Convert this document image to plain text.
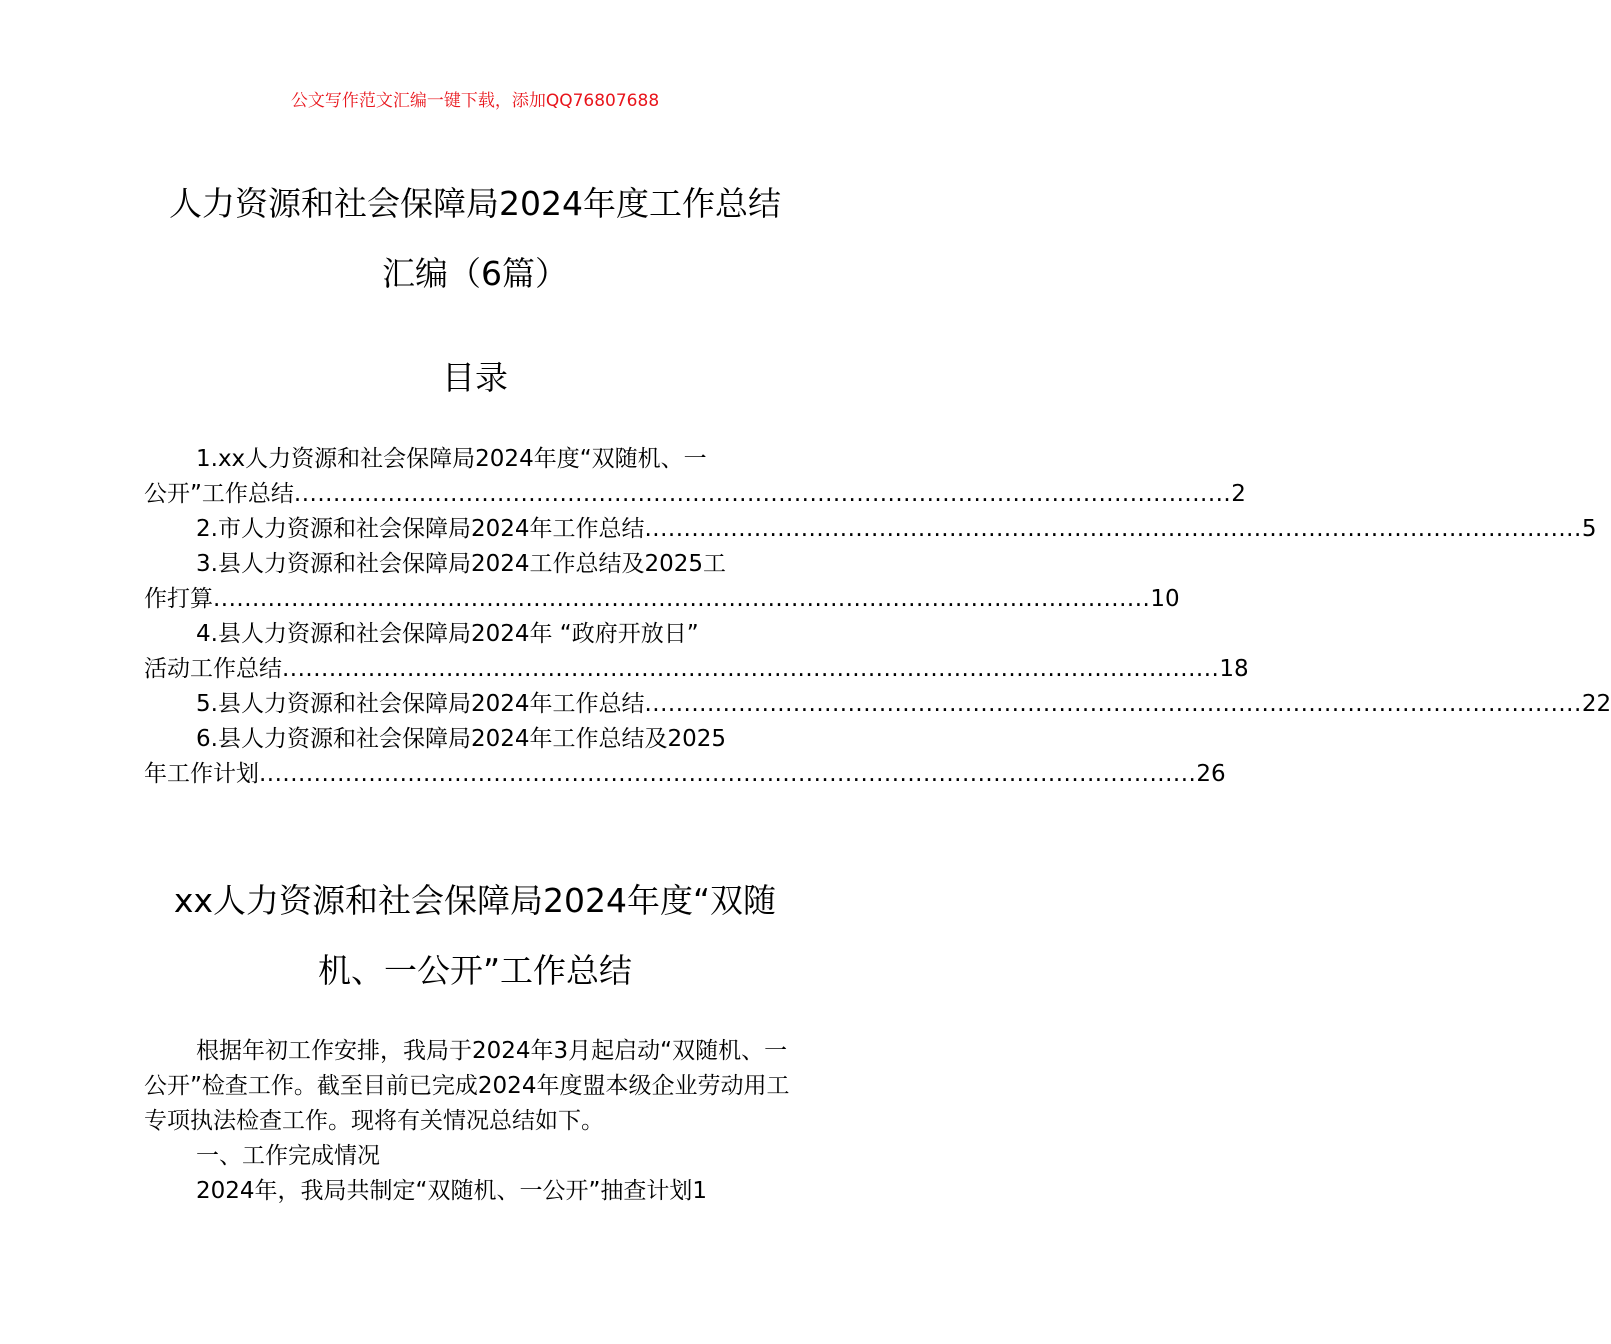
公文写作范文汇编一键下载，添加QQ76807688
人力资源和社会保障局2024年度工作总结
汇编（6篇）
目录
1.xx人力资源和社会保障局2024年度“双随机、一
公开”工作总结 ........................................................................................................................ 2
2.市人力资源和社会保障局2024年工作总结 ........................................................................................................................ 5
3.县人力资源和社会保障局2024工作总结及2025工
作打算 ........................................................................................................................ 10
4.县人力资源和社会保障局2024年 “政府开放日”
活动工作总结 ........................................................................................................................ 18
5.县人力资源和社会保障局2024年工作总结 ........................................................................................................................ 22
6.县人力资源和社会保障局2024年工作总结及2025
年工作计划 ........................................................................................................................ 26
xx人力资源和社会保障局2024年度“双随
机、一公开”工作总结

根据年初工作安排，我局于2024年3月起启动“双随机、一公开”检查工作。截至目前已完成2024年度盟本级企业劳动用工专项执法检查工作。现将有关情况总结如下。

一、工作完成情况

2024年，我局共制定“双随机、一公开”抽查计划1
